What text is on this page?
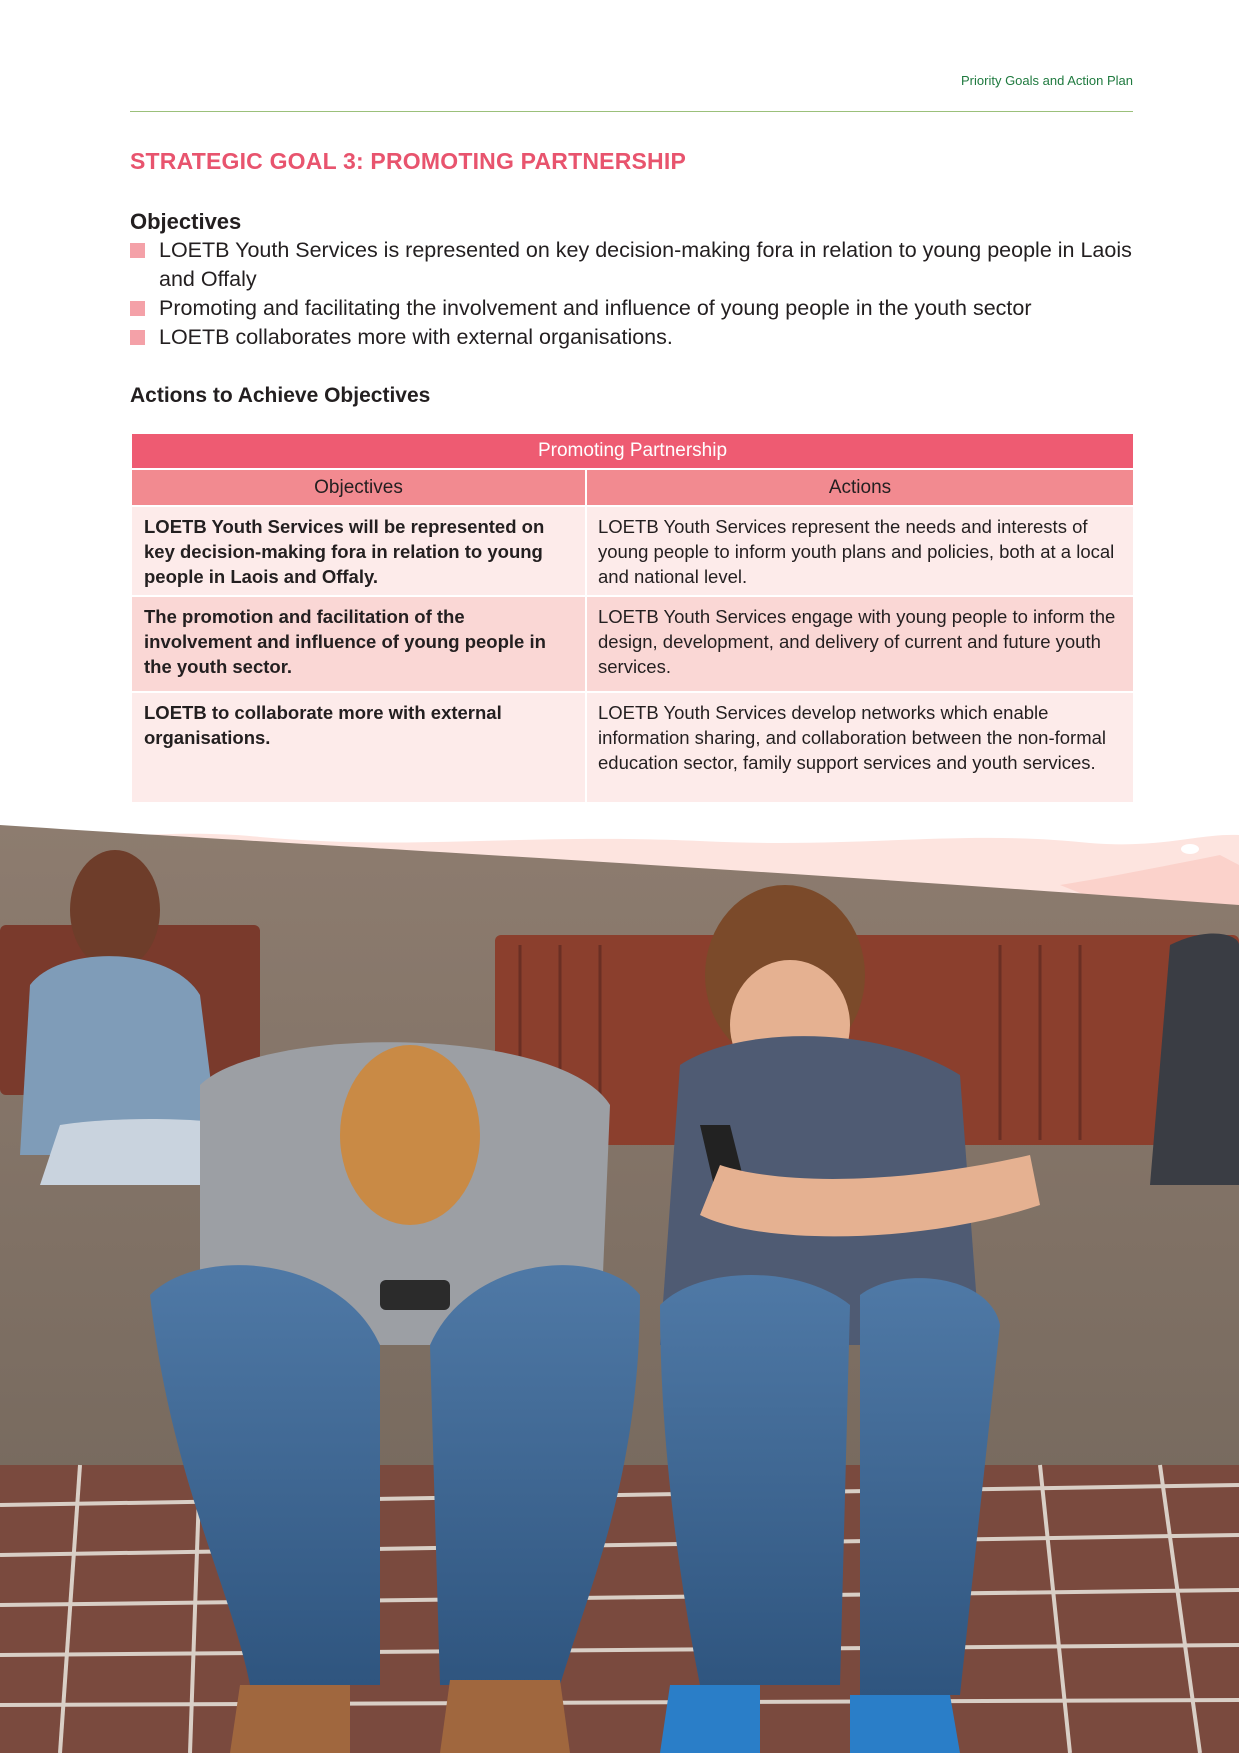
Priority Goals and Action Plan
STRATEGIC GOAL 3: PROMOTING PARTNERSHIP
Objectives
LOETB Youth Services is represented on key decision-making fora in relation to young people in Laois and Offaly
Promoting and facilitating the involvement and influence of young people in the youth sector
LOETB collaborates more with external organisations.
Actions to Achieve Objectives
Promoting Partnership	
Objectives	Actions
LOETB Youth Services will be represented on key decision-making fora in relation to young people in Laois and Offaly.	LOETB Youth Services represent the needs and interests of young people to inform youth plans and policies, both at a local and national level.
The promotion and facilitation of the involvement and influence of young people in the youth sector.	LOETB Youth Services engage with young people to inform the design, development, and delivery of current and future youth services.
LOETB to collaborate more with external organisations.	LOETB Youth Services develop networks which enable information sharing, and collaboration between the non-formal education sector, family support services and youth services.
